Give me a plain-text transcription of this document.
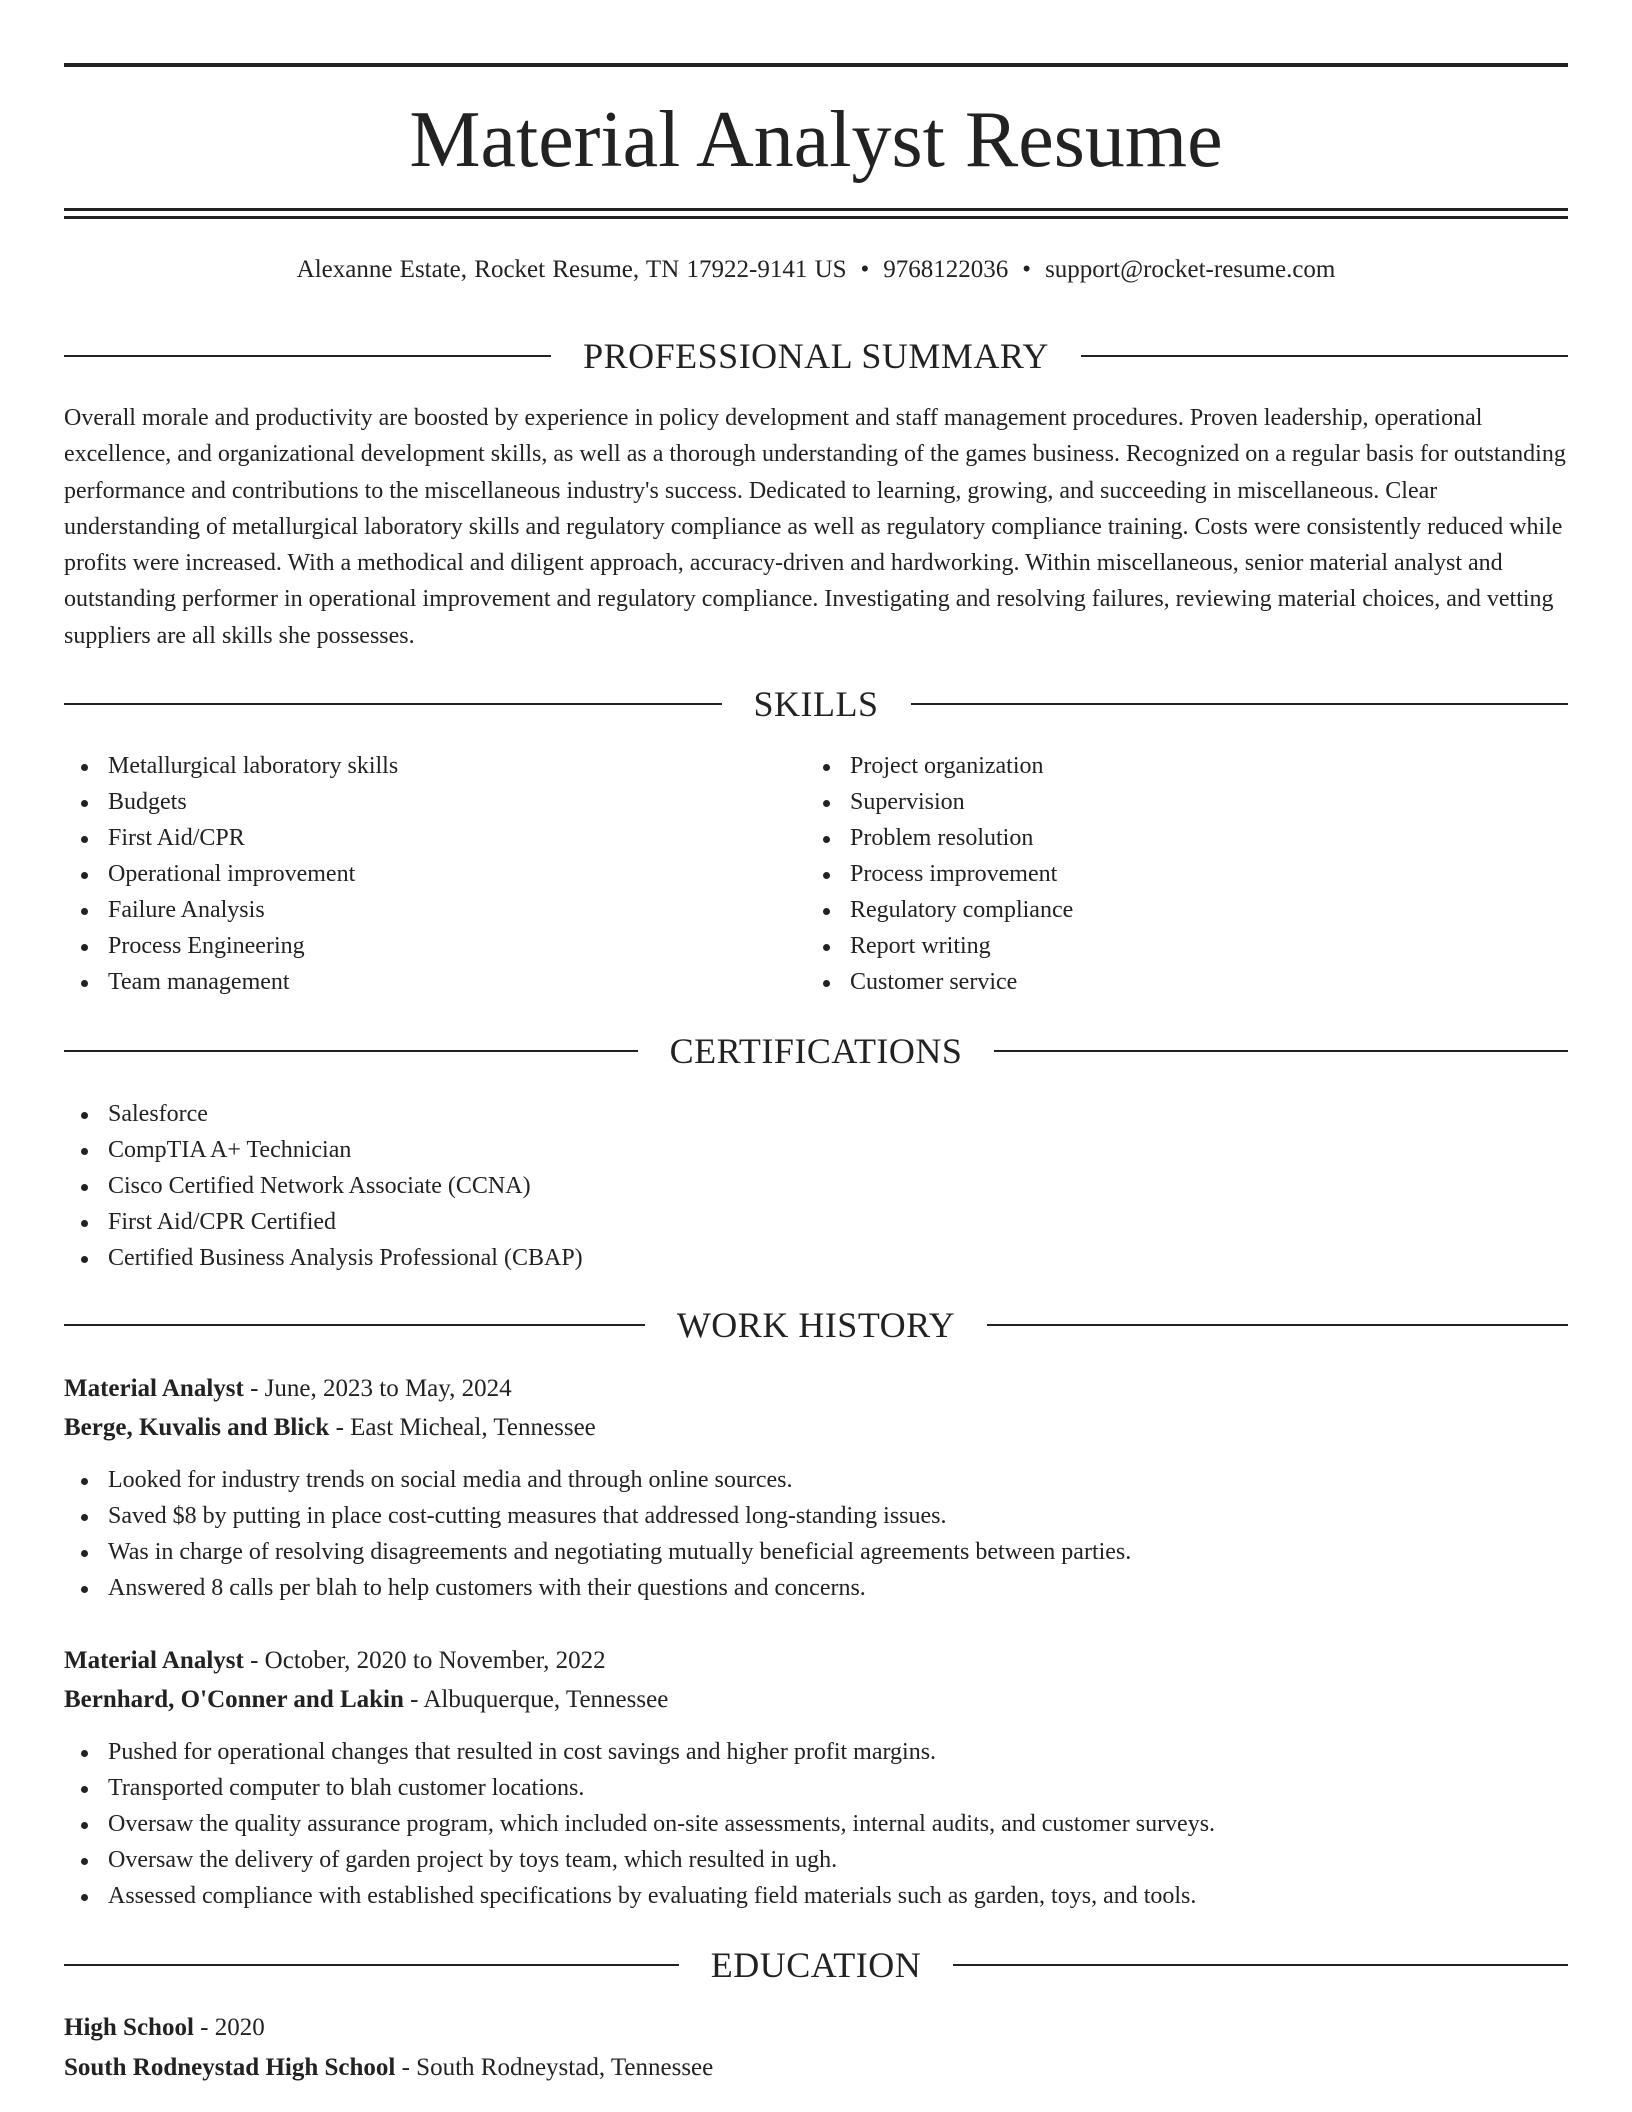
Material Analyst Resume
Alexanne Estate, Rocket Resume, TN 17922-9141 US • 9768122036 • support@rocket-resume.com
PROFESSIONAL SUMMARY

Overall morale and productivity are boosted by experience in policy development and staff management procedures. Proven leadership, operational excellence, and organizational development skills, as well as a thorough understanding of the games business. Recognized on a regular basis for outstanding performance and contributions to the miscellaneous industry's success. Dedicated to learning, growing, and succeeding in miscellaneous. Clear understanding of metallurgical laboratory skills and regulatory compliance as well as regulatory compliance training. Costs were consistently reduced while profits were increased. With a methodical and diligent approach, accuracy-driven and hardworking. Within miscellaneous, senior material analyst and outstanding performer in operational improvement and regulatory compliance. Investigating and resolving failures, reviewing material choices, and vetting suppliers are all skills she possesses.

SKILLS
Metallurgical laboratory skills
Budgets
First Aid/CPR
Operational improvement
Failure Analysis
Process Engineering
Team management
Project organization
Supervision
Problem resolution
Process improvement
Regulatory compliance
Report writing
Customer service
CERTIFICATIONS
Salesforce
CompTIA A+ Technician
Cisco Certified Network Associate (CCNA)
First Aid/CPR Certified
Certified Business Analysis Professional (CBAP)
WORK HISTORY
Material Analyst - June, 2023 to May, 2024
Berge, Kuvalis and Blick - East Micheal, Tennessee
Looked for industry trends on social media and through online sources.
Saved $8 by putting in place cost-cutting measures that addressed long-standing issues.
Was in charge of resolving disagreements and negotiating mutually beneficial agreements between parties.
Answered 8 calls per blah to help customers with their questions and concerns.
Material Analyst - October, 2020 to November, 2022
Bernhard, O'Conner and Lakin - Albuquerque, Tennessee
Pushed for operational changes that resulted in cost savings and higher profit margins.
Transported computer to blah customer locations.
Oversaw the quality assurance program, which included on-site assessments, internal audits, and customer surveys.
Oversaw the delivery of garden project by toys team, which resulted in ugh.
Assessed compliance with established specifications by evaluating field materials such as garden, toys, and tools.
EDUCATION
High School - 2020
South Rodneystad High School - South Rodneystad, Tennessee
